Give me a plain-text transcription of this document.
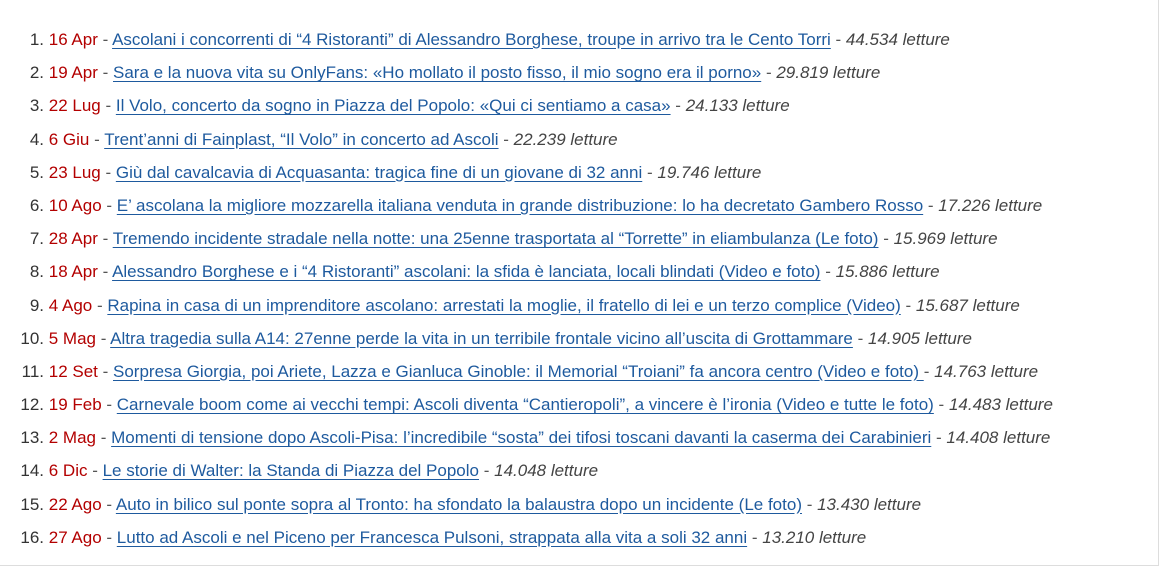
1. 16 Apr - Ascolani i concorrenti di “4 Ristoranti” di Alessandro Borghese, troupe in arrivo tra le Cento Torri - 44.534 letture
2. 19 Apr - Sara e la nuova vita su OnlyFans: «Ho mollato il posto fisso, il mio sogno era il porno» - 29.819 letture
3. 22 Lug - Il Volo, concerto da sogno in Piazza del Popolo: «Qui ci sentiamo a casa» - 24.133 letture
4. 6 Giu - Trent’anni di Fainplast, “Il Volo” in concerto ad Ascoli - 22.239 letture
5. 23 Lug - Giù dal cavalcavia di Acquasanta: tragica fine di un giovane di 32 anni - 19.746 letture
6. 10 Ago - E’ ascolana la migliore mozzarella italiana venduta in grande distribuzione: lo ha decretato Gambero Rosso - 17.226 letture
7. 28 Apr - Tremendo incidente stradale nella notte: una 25enne trasportata al “Torrette” in eliambulanza (Le foto) - 15.969 letture
8. 18 Apr - Alessandro Borghese e i “4 Ristoranti” ascolani: la sfida è lanciata, locali blindati (Video e foto) - 15.886 letture
9. 4 Ago - Rapina in casa di un imprenditore ascolano: arrestati la moglie, il fratello di lei e un terzo complice (Video) - 15.687 letture
10. 5 Mag - Altra tragedia sulla A14: 27enne perde la vita in un terribile frontale vicino all’uscita di Grottammare - 14.905 letture
11. 12 Set - Sorpresa Giorgia, poi Ariete, Lazza e Gianluca Ginoble: il Memorial “Troiani” fa ancora centro (Video e foto) - 14.763 letture
12. 19 Feb - Carnevale boom come ai vecchi tempi: Ascoli diventa “Cantieropoli”, a vincere è l’ironia (Video e tutte le foto) - 14.483 letture
13. 2 Mag - Momenti di tensione dopo Ascoli-Pisa: l’incredibile “sosta” dei tifosi toscani davanti la caserma dei Carabinieri - 14.408 letture
14. 6 Dic - Le storie di Walter: la Standa di Piazza del Popolo - 14.048 letture
15. 22 Ago - Auto in bilico sul ponte sopra al Tronto: ha sfondato la balaustra dopo un incidente (Le foto) - 13.430 letture
16. 27 Ago - Lutto ad Ascoli e nel Piceno per Francesca Pulsoni, strappata alla vita a soli 32 anni - 13.210 letture
